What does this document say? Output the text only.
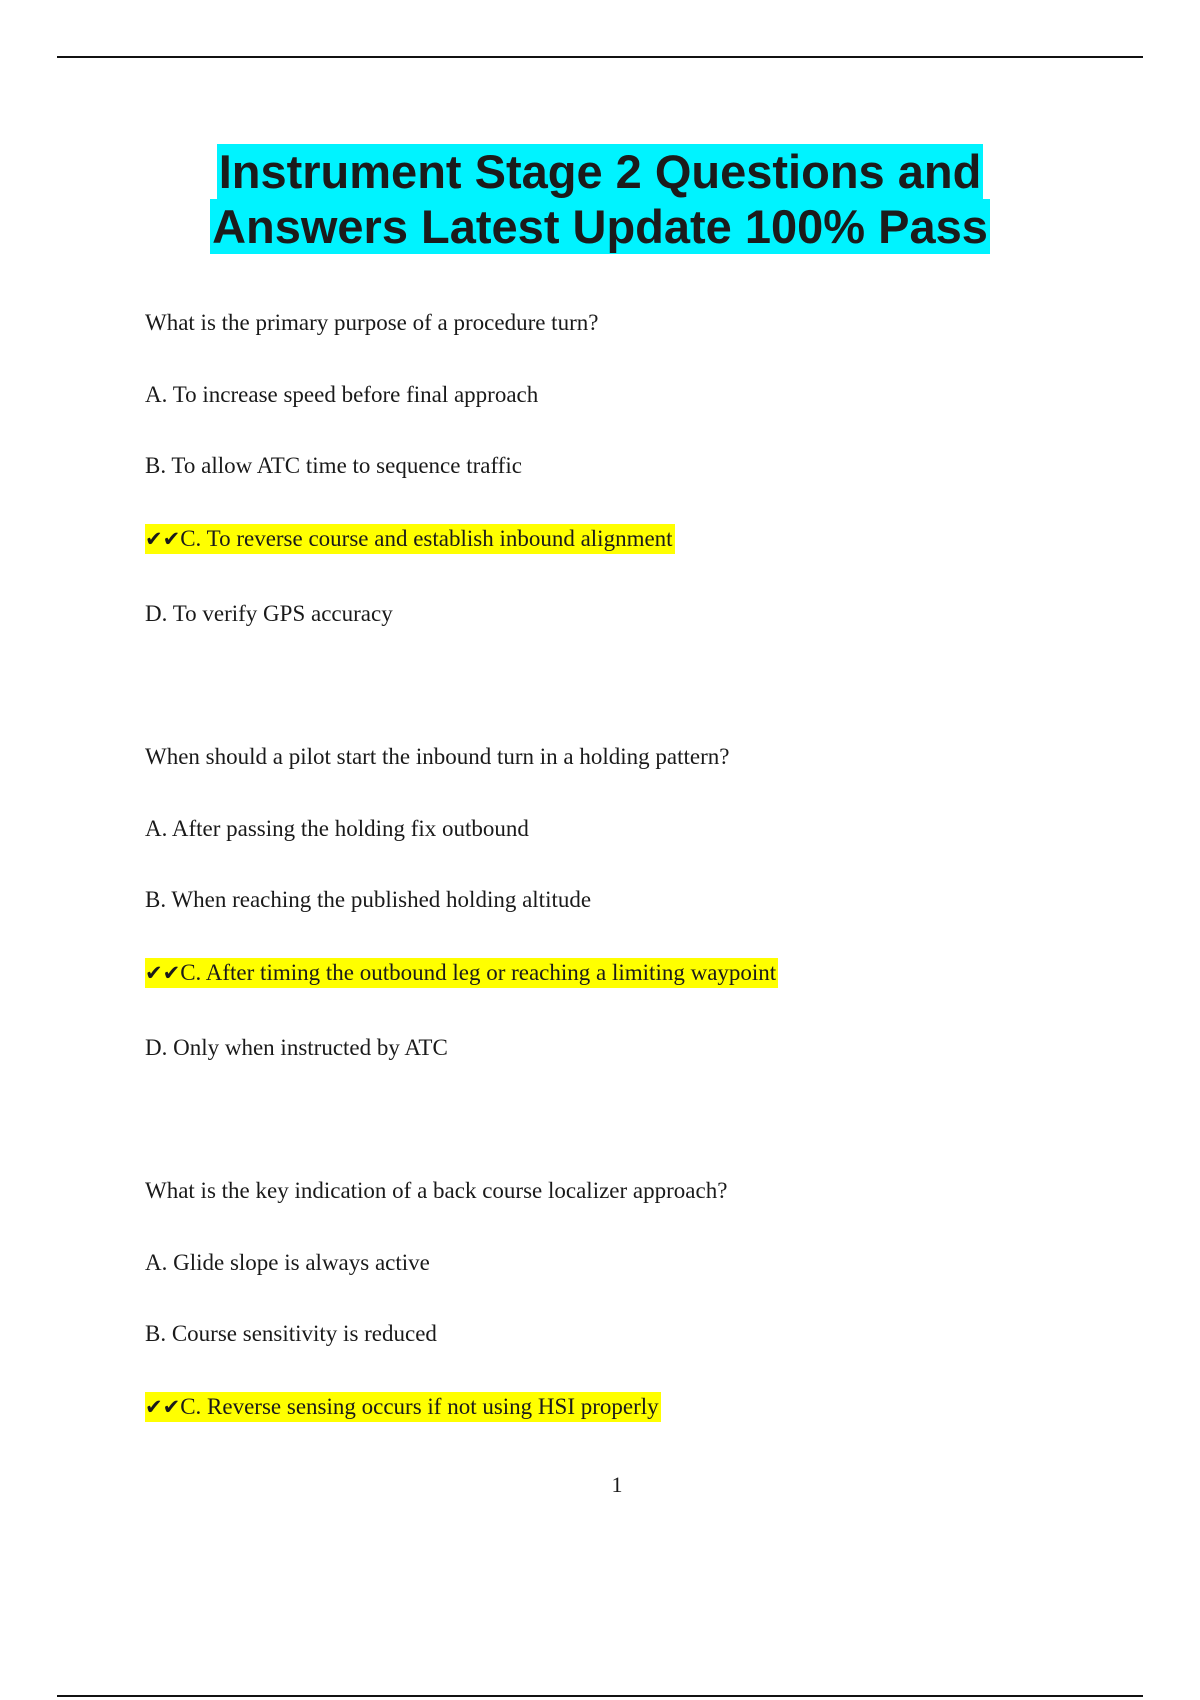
Instrument Stage 2 Questions and
Answers Latest Update 100% Pass
What is the primary purpose of a procedure turn?
A. To increase speed before final approach
B. To allow ATC time to sequence traffic
✔✔C. To reverse course and establish inbound alignment
D. To verify GPS accuracy
When should a pilot start the inbound turn in a holding pattern?
A. After passing the holding fix outbound
B. When reaching the published holding altitude
✔✔C. After timing the outbound leg or reaching a limiting waypoint
D. Only when instructed by ATC
What is the key indication of a back course localizer approach?
A. Glide slope is always active
B. Course sensitivity is reduced
✔✔C. Reverse sensing occurs if not using HSI properly
1
